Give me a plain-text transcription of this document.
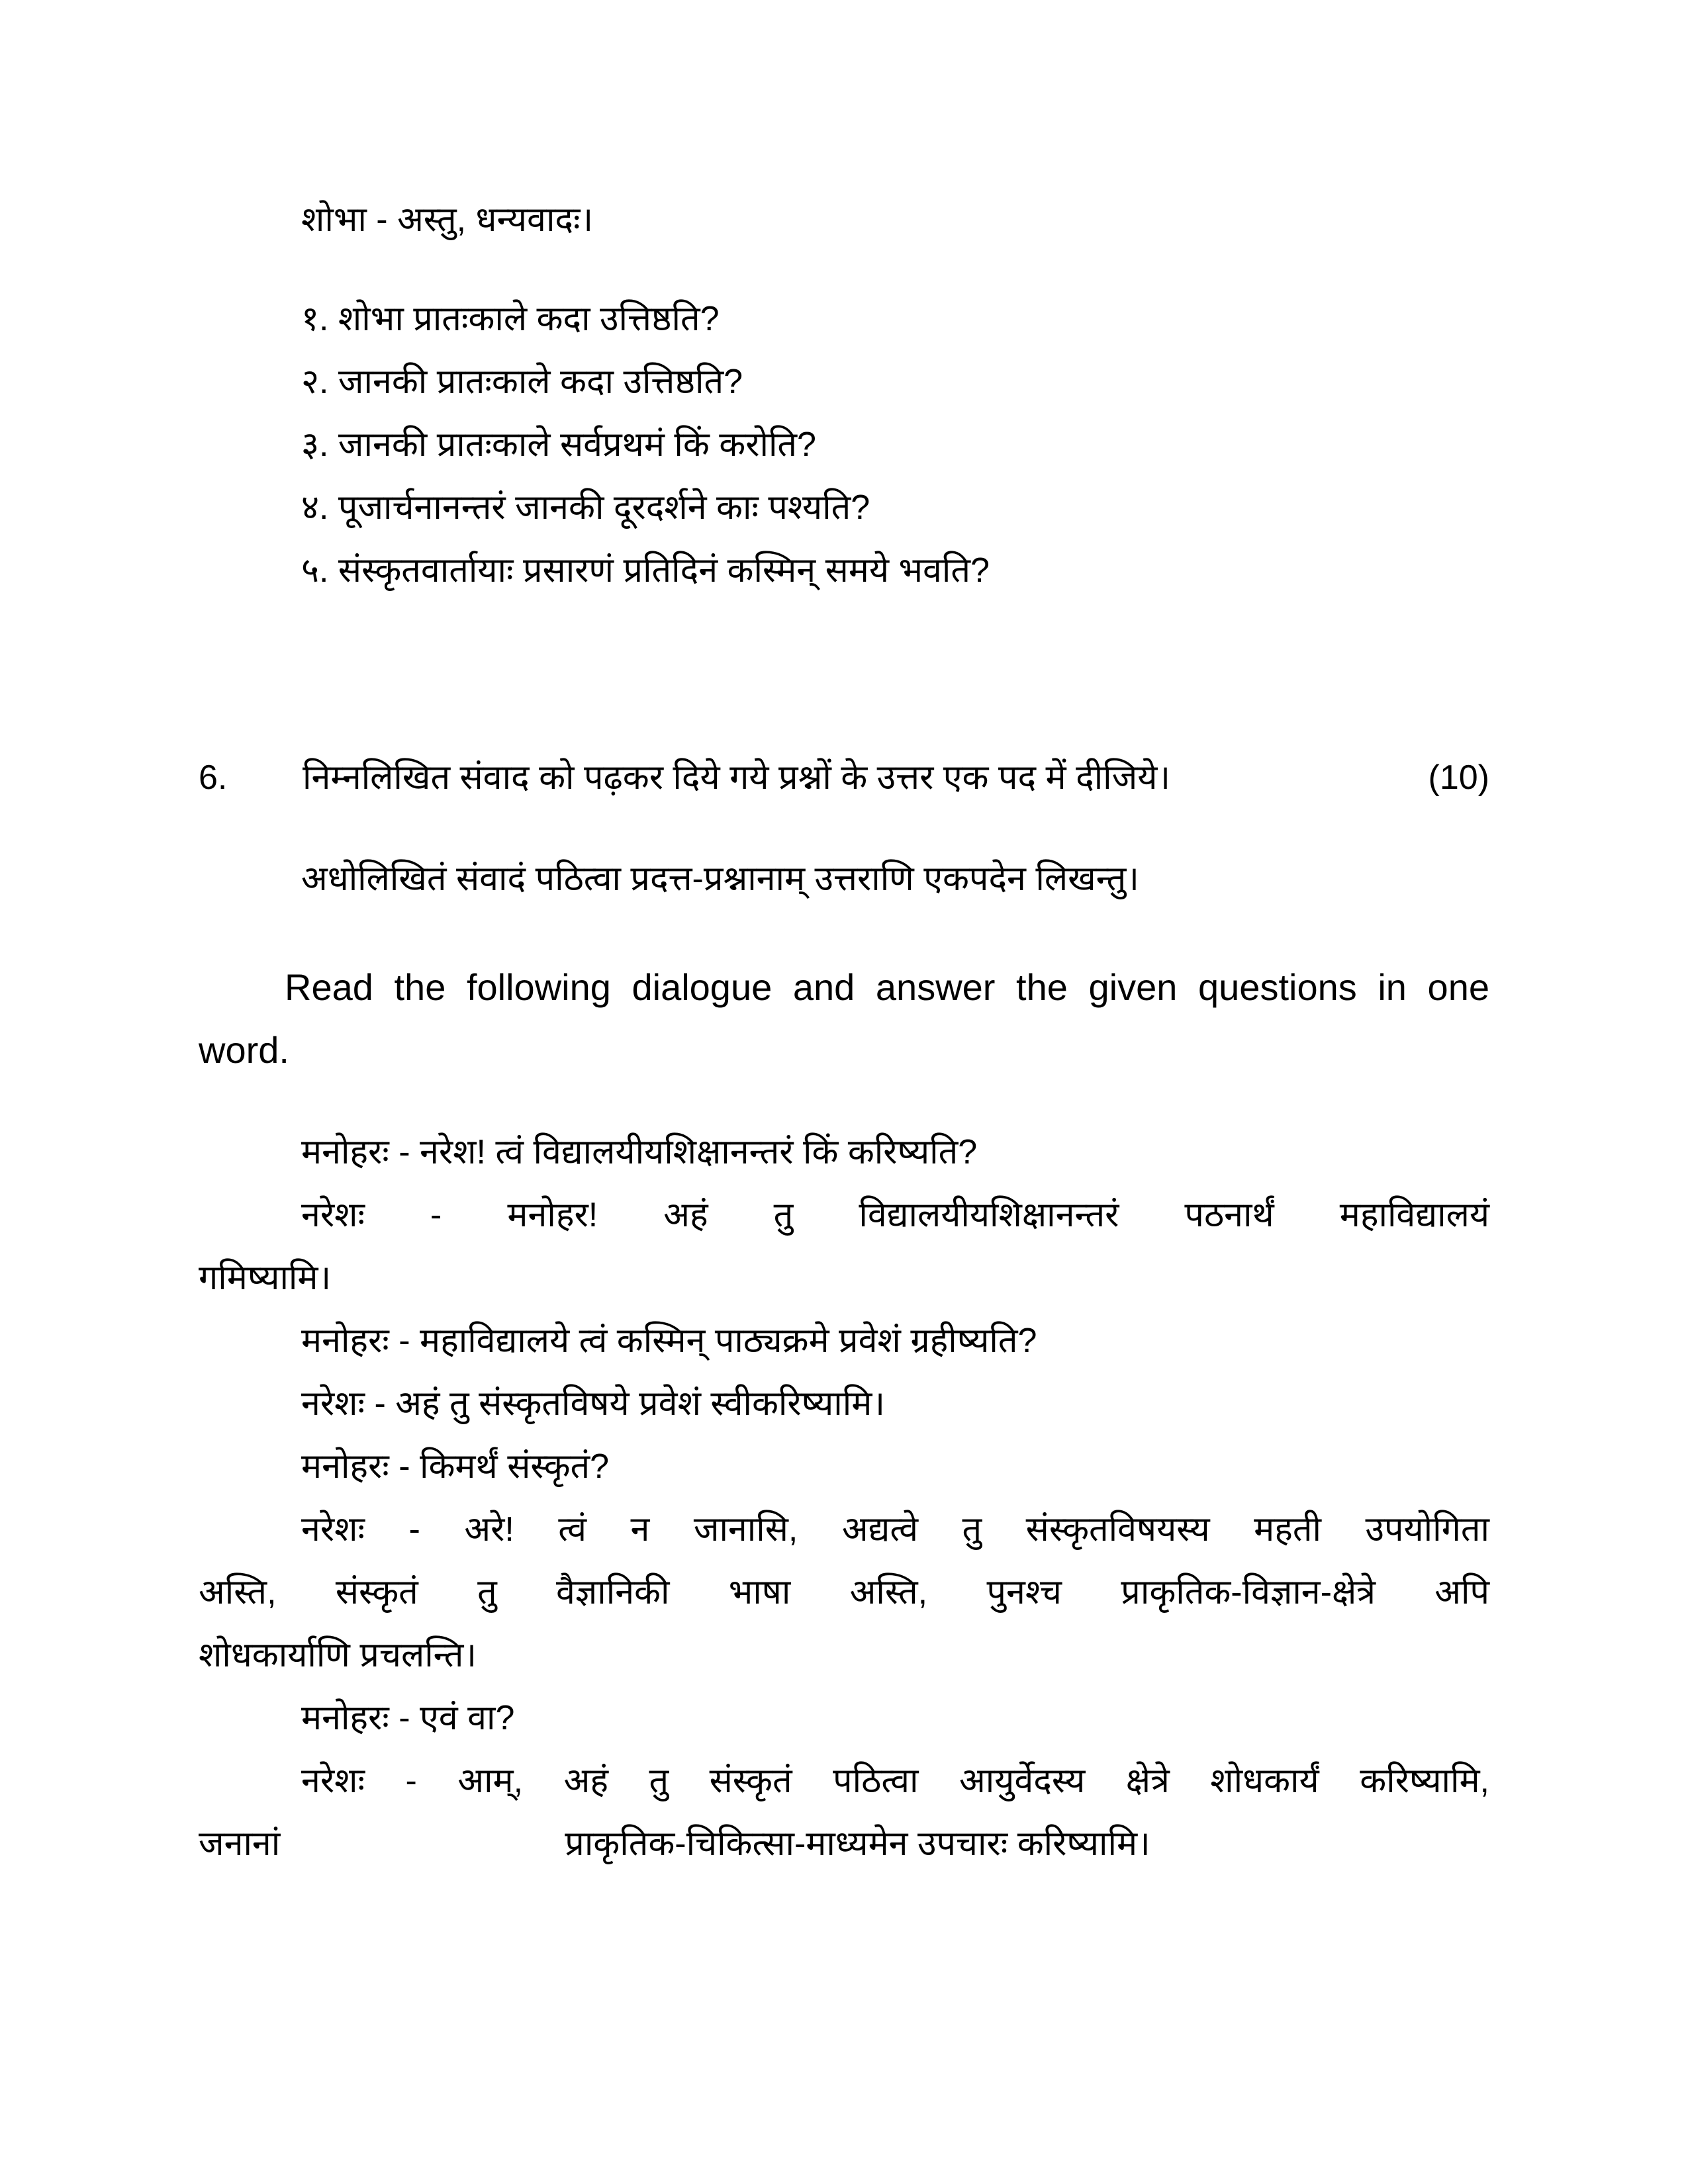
शोभा - अस्तु, धन्यवादः।
१. शोभा प्रातःकाले कदा उत्तिष्ठति?
२. जानकी प्रातःकाले कदा उत्तिष्ठति?
३. जानकी प्रातःकाले सर्वप्रथमं किं करोति?
४. पूजार्चनानन्तरं जानकी दूरदर्शने काः पश्यति?
५. संस्कृतवार्तायाः प्रसारणं प्रतिदिनं कस्मिन् समये भवति?
6.	निम्नलिखित संवाद को पढ़कर दिये गये प्रश्नों के उत्तर एक पद में दीजिये।	(10)
अधोलिखितं संवादं पठित्वा प्रदत्त-प्रश्नानाम् उत्तराणि एकपदेन लिखन्तु।
Read the following dialogue and answer the given questions in one
word.
मनोहरः - नरेश! त्वं विद्यालयीयशिक्षानन्तरं किं करिष्यति?
नरेशः - मनोहर! अहं तु विद्यालयीयशिक्षानन्तरं पठनार्थं महाविद्यालयं
गमिष्यामि।
मनोहरः - महाविद्यालये त्वं कस्मिन् पाठ्यक्रमे प्रवेशं ग्रहीष्यति?
नरेशः - अहं तु संस्कृतविषये प्रवेशं स्वीकरिष्यामि।
मनोहरः - किमर्थं संस्कृतं?
नरेशः - अरे! त्वं न जानासि, अद्यत्वे तु संस्कृतविषयस्य महती उपयोगिता
अस्ति, संस्कृतं तु वैज्ञानिकी भाषा अस्ति, पुनश्च प्राकृतिक-विज्ञान-क्षेत्रे अपि
शोधकार्याणि प्रचलन्ति।
मनोहरः - एवं वा?
नरेशः - आम्, अहं तु संस्कृतं पठित्वा आयुर्वेदस्य क्षेत्रे शोधकार्यं करिष्यामि,
जनानां	प्राकृतिक-चिकित्सा-माध्यमेन उपचारः करिष्यामि।
